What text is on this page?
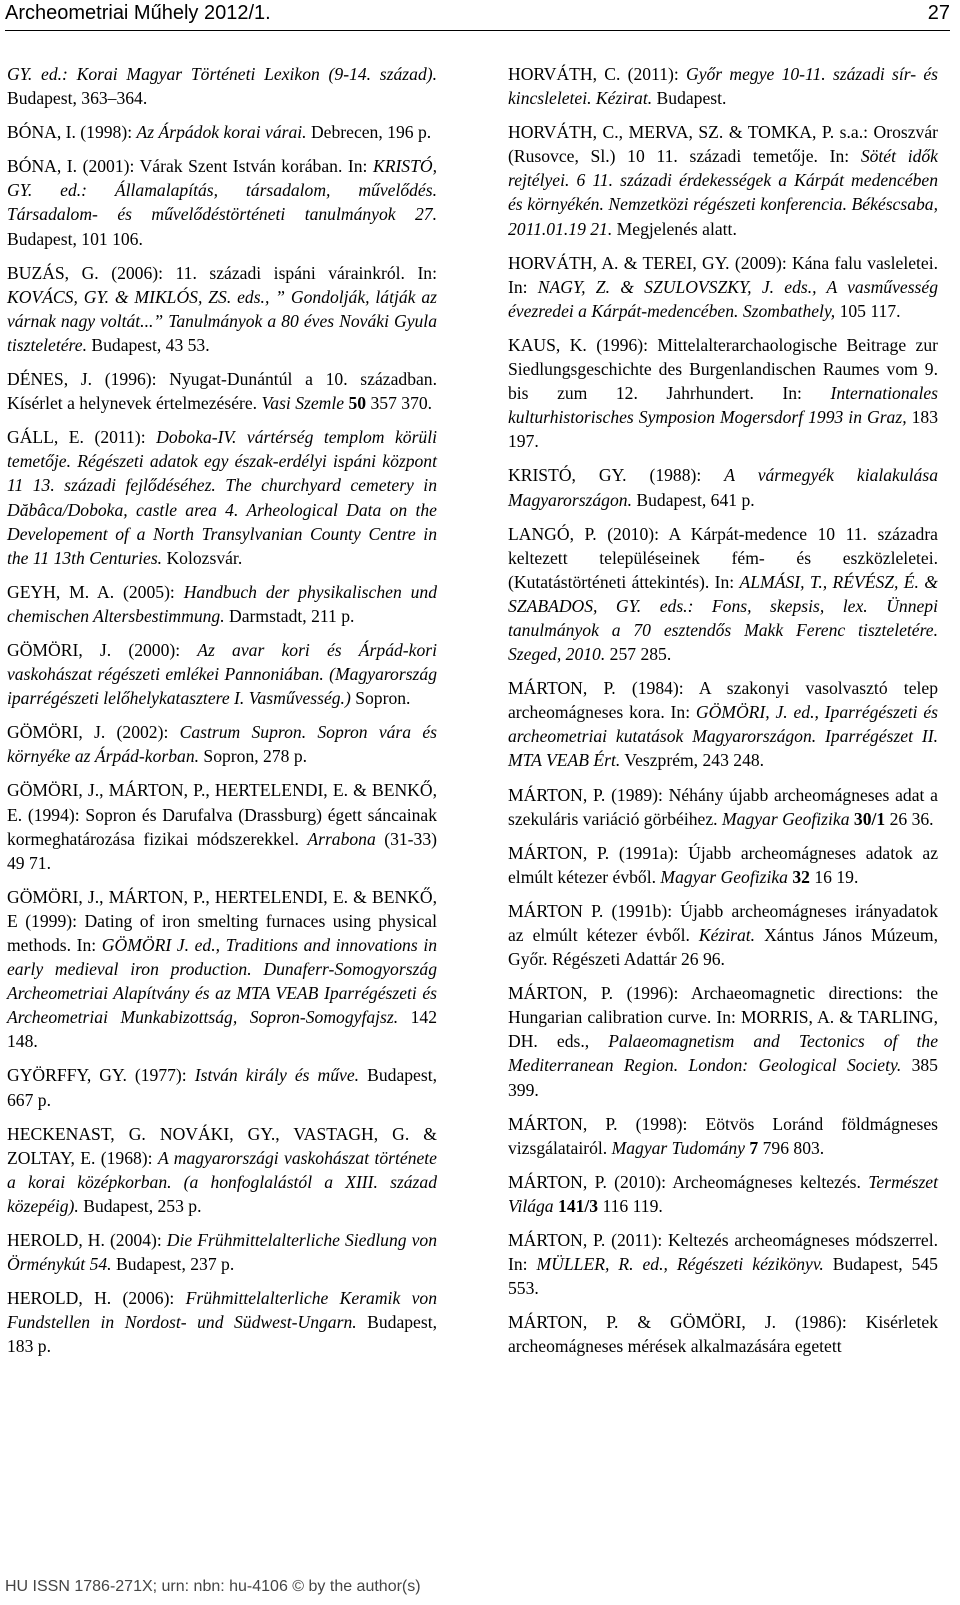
Archeometriai Műhely 2012/1.	27

GY. ed.: Korai Magyar Történeti Lexikon (9-14. század). Budapest, 363–364.

BÓNA, I. (1998): Az Árpádok korai várai. Debrecen, 196 p.

BÓNA, I. (2001): Várak Szent István korában. In: KRISTÓ, GY. ed.: Államalapítás, társadalom, művelődés. Társadalom- és művelődéstörténeti tanulmányok 27. Budapest, 101 106.

BUZÁS, G. (2006): 11. századi ispáni várainkról. In: KOVÁCS, GY. & MIKLÓS, ZS. eds., ” Gondolják, látják az várnak nagy voltát...” Tanulmányok a 80 éves Nováki Gyula tiszteletére. Budapest, 43 53.

DÉNES, J. (1996): Nyugat-Dunántúl a 10. században. Kísérlet a helynevek értelmezésére. Vasi Szemle 50 357 370.

GÁLL, E. (2011): Doboka-IV. vártérség templom körüli temetője. Régészeti adatok egy észak-erdélyi ispáni központ 11 13. századi fejlődéséhez. The churchyard cemetery in Dăbâca/Doboka, castle area 4. Arheological Data on the Developement of a North Transylvanian County Centre in the 11 13th Centuries. Kolozsvár.

GEYH, M. A. (2005): Handbuch der physikalischen und chemischen Altersbestimmung. Darmstadt, 211 p.

GÖMÖRI, J. (2000): Az avar kori és Árpád-kori vaskohászat régészeti emlékei Pannoniában. (Magyarország iparrégészeti lelőhelykatasztere I. Vasművesség.) Sopron.

GÖMÖRI, J. (2002): Castrum Supron. Sopron vára és környéke az Árpád-korban. Sopron, 278 p.

GÖMÖRI, J., MÁRTON, P., HERTELENDI, E. & BENKŐ, E. (1994): Sopron és Darufalva (Drassburg) égett sáncainak kormeghatározása fizikai módszerekkel. Arrabona (31-33) 49 71.

GÖMÖRI, J., MÁRTON, P., HERTELENDI, E. & BENKŐ, E (1999): Dating of iron smelting furnaces using physical methods. In: GÖMÖRI J. ed., Traditions and innovations in early medieval iron production. Dunaferr-Somogyország Archeometriai Alapítvány és az MTA VEAB Iparrégészeti és Archeometriai Munkabizottság, Sopron-Somogyfajsz. 142 148.

GYÖRFFY, GY. (1977): István király és műve. Budapest, 667 p.

HECKENAST, G. NOVÁKI, GY., VASTAGH, G. & ZOLTAY, E. (1968): A magyarországi vaskohászat története a korai középkorban. (a honfoglalástól a XIII. század közepéig). Budapest, 253 p.

HEROLD, H. (2004): Die Frühmittelalterliche Siedlung von Örménykút 54. Budapest, 237 p.

HEROLD, H. (2006): Frühmittelalterliche Keramik von Fundstellen in Nordost- und Südwest-Ungarn. Budapest, 183 p.

HORVÁTH, C. (2011): Győr megye 10-11. századi sír- és kincsleletei. Kézirat. Budapest.

HORVÁTH, C., MERVA, SZ. & TOMKA, P. s.a.: Oroszvár (Rusovce, Sl.) 10 11. századi temetője. In: Sötét idők rejtélyei. 6 11. századi érdekességek a Kárpát medencében és környékén. Nemzetközi régészeti konferencia. Békéscsaba, 2011.01.19 21. Megjelenés alatt.

HORVÁTH, A. & TEREI, GY. (2009): Kána falu vasleletei. In: NAGY, Z. & SZULOVSZKY, J. eds., A vasművesség évezredei a Kárpát-medencében. Szombathely, 105 117.

KAUS, K. (1996): Mittelalterarchaologische Beitrage zur Siedlungsgeschichte des Burgenlandischen Raumes vom 9. bis zum 12. Jahrhundert. In: Internationales kulturhistorisches Symposion Mogersdorf 1993 in Graz, 183 197.

KRISTÓ, GY. (1988): A vármegyék kialakulása Magyarországon. Budapest, 641 p.

LANGÓ, P. (2010): A Kárpát-medence 10 11. századra keltezett településeinek fém- és eszközleletei. (Kutatástörténeti áttekintés). In: ALMÁSI, T., RÉVÉSZ, É. & SZABADOS, GY. eds.: Fons, skepsis, lex. Ünnepi tanulmányok a 70 esztendős Makk Ferenc tiszteletére. Szeged, 2010. 257 285.

MÁRTON, P. (1984): A szakonyi vasolvasztó telep archeomágneses kora. In: GÖMÖRI, J. ed., Iparrégészeti és archeometriai kutatások Magyarországon. Iparrégészet II. MTA VEAB Ért. Veszprém, 243 248.

MÁRTON, P. (1989): Néhány újabb archeomágneses adat a szekuláris variáció görbéihez. Magyar Geofizika 30/1 26 36.

MÁRTON, P. (1991a): Újabb archeomágneses adatok az elmúlt kétezer évből. Magyar Geofizika 32 16 19.

MÁRTON P. (1991b): Újabb archeomágneses irányadatok az elmúlt kétezer évből. Kézirat. Xántus János Múzeum, Győr. Régészeti Adattár 26 96.

MÁRTON, P. (1996): Archaeomagnetic directions: the Hungarian calibration curve. In: MORRIS, A. & TARLING, DH. eds., Palaeomagnetism and Tectonics of the Mediterranean Region. London: Geological Society. 385 399.

MÁRTON, P. (1998): Eötvös Loránd földmágneses vizsgálatairól. Magyar Tudomány 7 796 803.

MÁRTON, P. (2010): Archeomágneses keltezés. Természet Világa 141/3 116 119.

MÁRTON, P. (2011): Keltezés archeomágneses módszerrel. In: MÜLLER, R. ed., Régészeti kézikönyv. Budapest, 545 553.

MÁRTON, P. & GÖMÖRI, J. (1986): Kisérletek archeomágneses mérések alkalmazására egetett

HU ISSN 1786-271X; urn: nbn: hu-4106 © by the author(s)
